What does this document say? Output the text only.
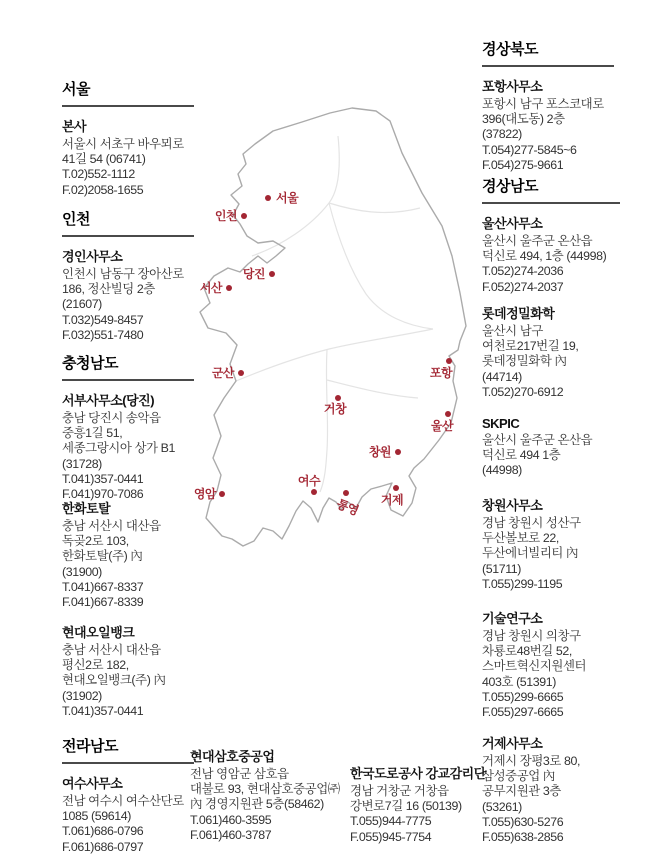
서울
인천
당진
서산
군산	포항
거창
울산
창원
영암
여수
통영 거제
서울
본사
서울시 서초구 바우뫼로
41길 54 (06741)
T.02)552-1112
F.02)2058-1655
인천
경인사무소
인천시 남동구 장아산로
186, 정산빌딩 2층
(21607)
T.032)549-8457
F.032)551-7480
충청남도
서부사무소(당진)
충남 당진시 송악읍
중흥1길 51,
세종그랑시아 상가 B1
(31728)
T.041)357-0441
F.041)970-7086
한화토탈
충남 서산시 대산읍
독곶2로 103,
한화토탈(주) 內
(31900)
T.041)667-8337
F.041)667-8339
현대오일뱅크
충남 서산시 대산읍
평신2로 182,
현대오일뱅크(주) 內
(31902)
T.041)357-0441
전라남도
여수사무소
전남 여수시 여수산단로
1085 (59614)
T.061)686-0796
F.061)686-0797
현대삼호중공업
전남 영암군 삼호읍
대불로 93, 현대삼호중공업㈜
內 경영지원관 5층(58462)
T.061)460-3595
F.061)460-3787
한국도로공사 강교감리단
경남 거창군 거창읍
강변로7길 16 (50139)
T.055)944-7775
F.055)945-7754
경상북도
포항사무소
포항시 남구 포스코대로
396(대도동) 2층
(37822)
T.054)277-5845~6
F.054)275-9661
경상남도
울산사무소
울산시 울주군 온산읍
덕신로 494, 1층 (44998)
T.052)274-2036
F.052)274-2037
롯데정밀화학
울산시 남구
여천로217번길 19,
롯데정밀화학 內
(44714)
T.052)270-6912
SKPIC
울산시 울주군 온산읍
덕신로 494 1층
(44998)
창원사무소
경남 창원시 성산구
두산볼보로 22,
두산에너빌리티 內
(51711)
T.055)299-1195
기술연구소
경남 창원시 의창구
차룡로48번길 52,
스마트혁신지원센터
403호 (51391)
T.055)299-6665
F.055)297-6665
거제사무소
거제시 장평3로 80,
삼성중공업 內
공무지원관 3층
(53261)
T.055)630-5276
F.055)638-2856
